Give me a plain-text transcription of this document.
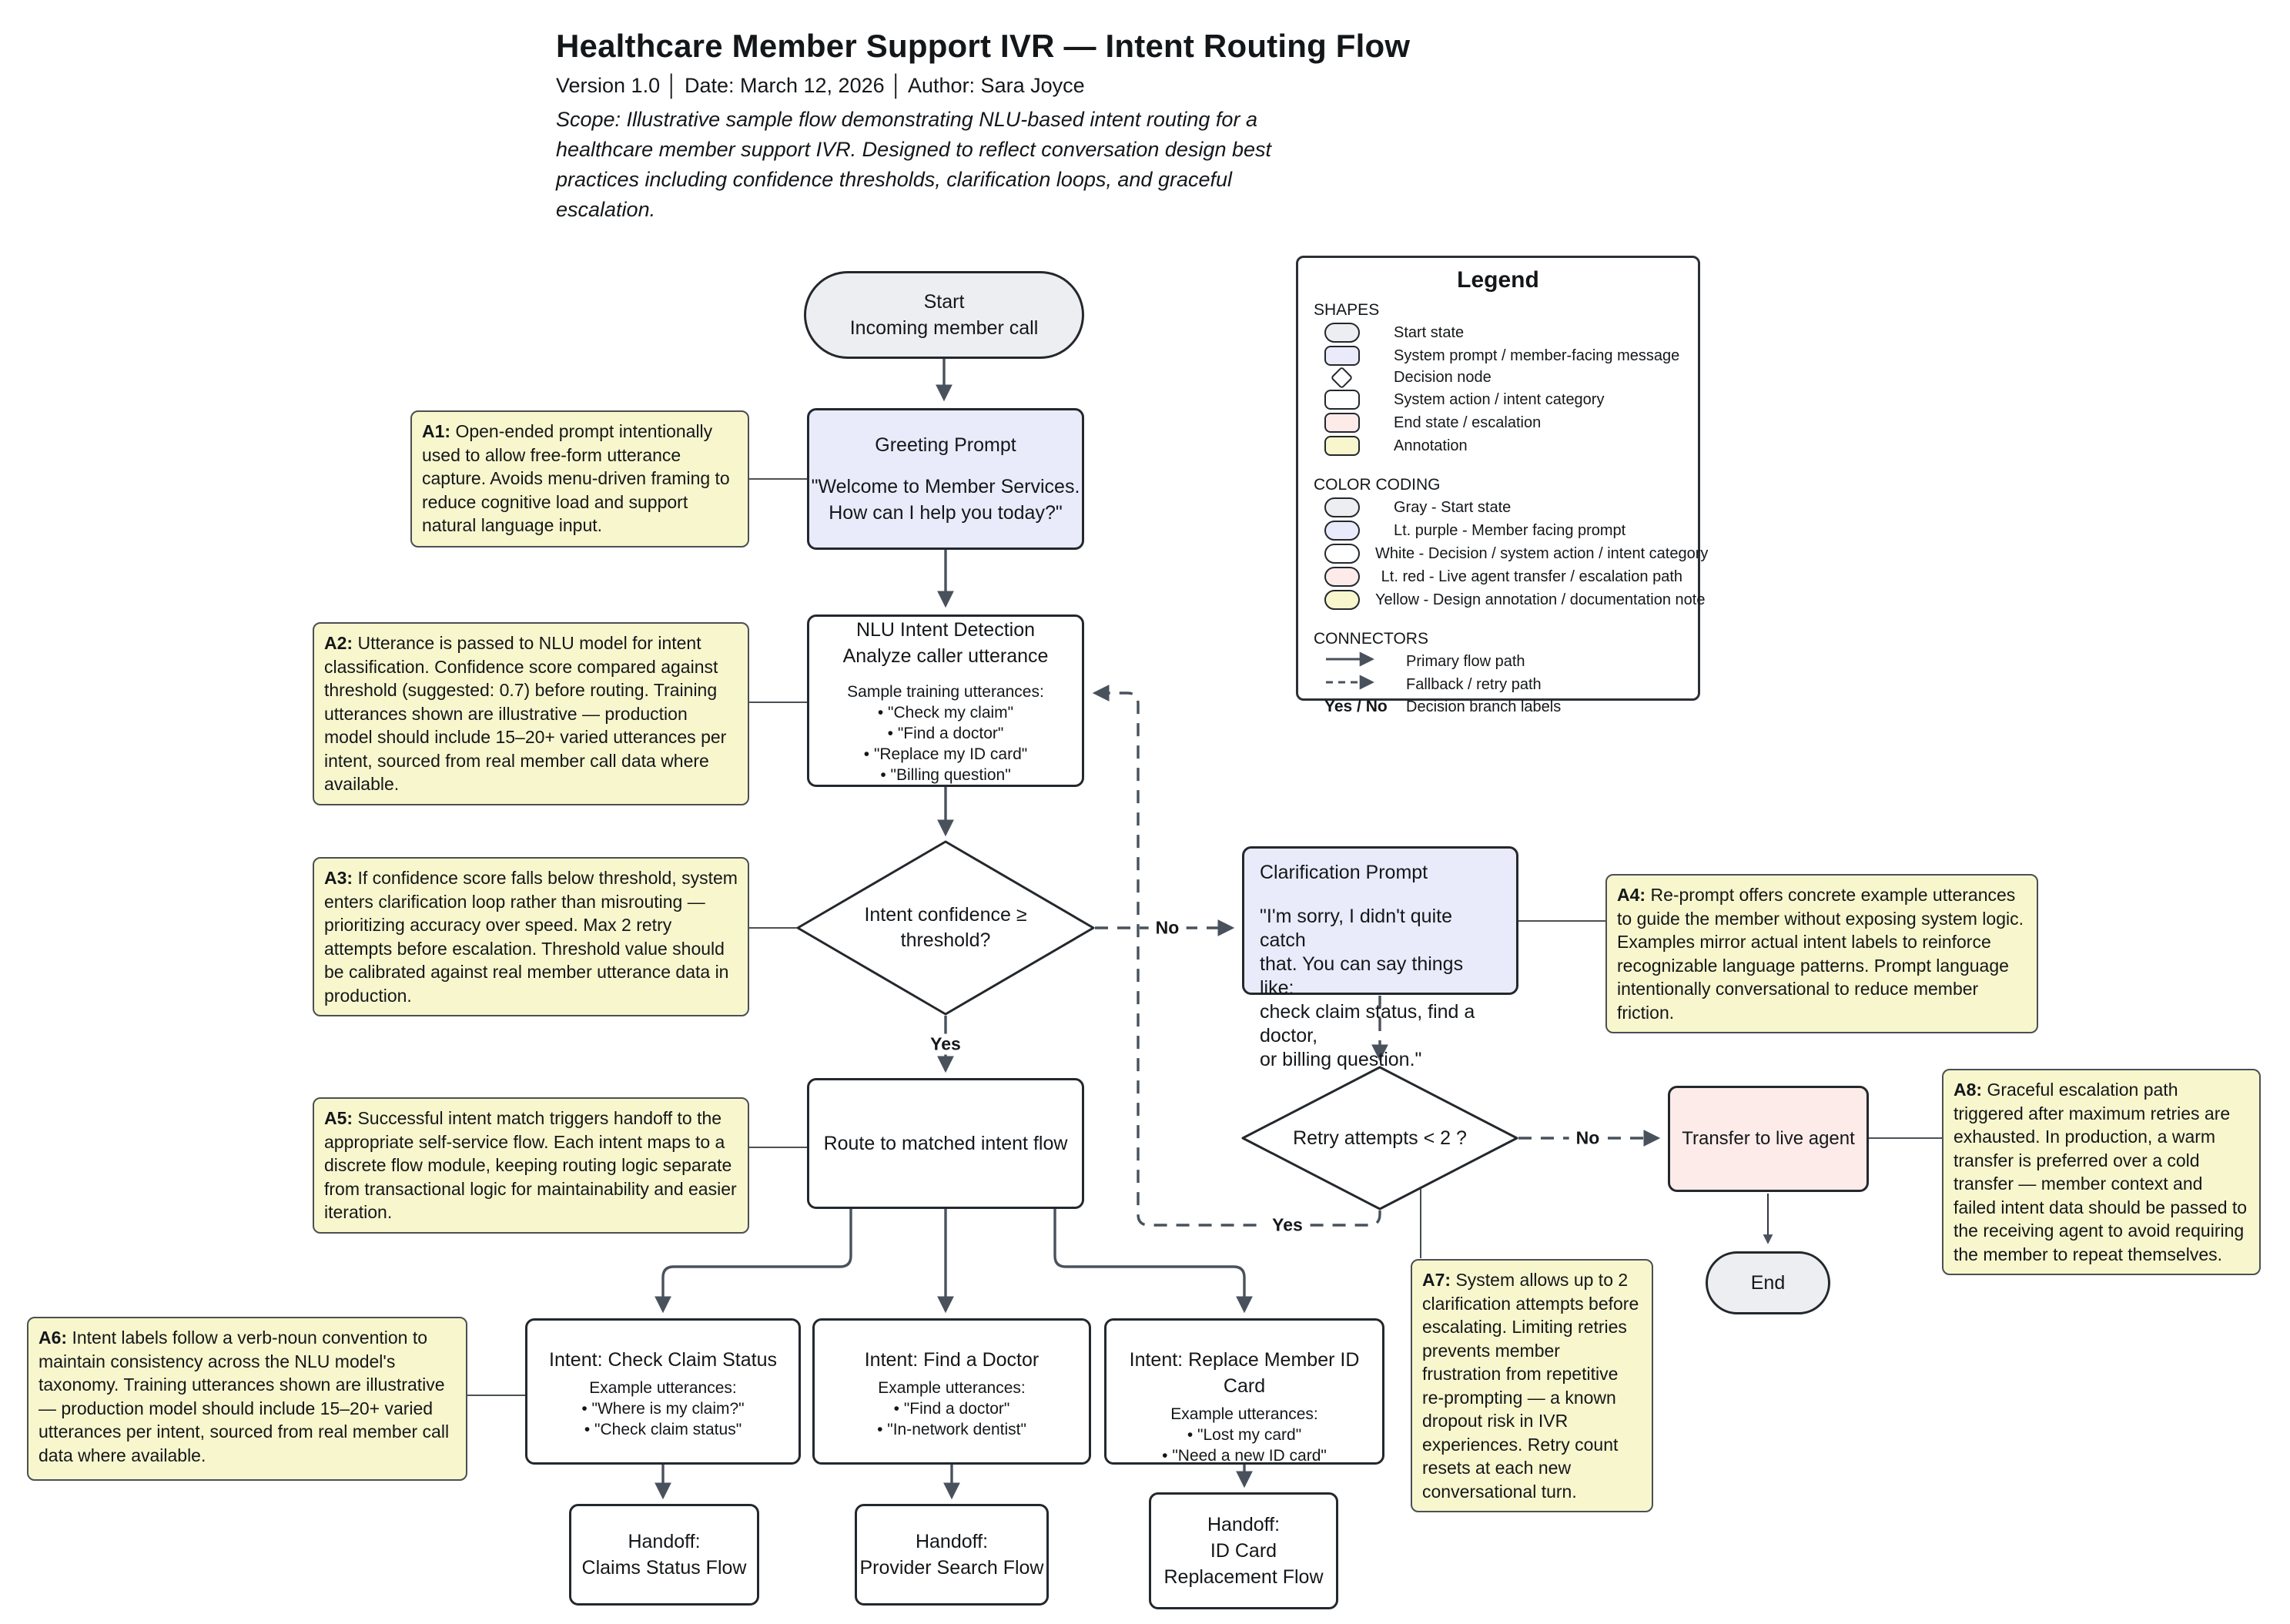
Healthcare Member Support IVR — Intent Routing Flow
Version 1.0 │ Date: March 12, 2026 │ Author: Sara Joyce
Scope: Illustrative sample flow demonstrating NLU-based intent routing for a healthcare member support IVR. Designed to reflect conversation design best practices including confidence thresholds, clarification loops, and graceful escalation.
Legend
SHAPES
Start state
System prompt / member-facing message
Decision node
System action / intent category
End state / escalation
Annotation
COLOR CODING
Gray - Start state
Lt. purple - Member facing prompt
White - Decision / system action / intent category
Lt. red - Live agent transfer / escalation path
Yellow - Design annotation / documentation note
CONNECTORS
Primary flow path
Fallback / retry path
Yes / No Decision branch labels
Start
Incoming member call
Greeting Prompt
"Welcome to Member Services.
How can I help you today?"
NLU Intent Detection
Analyze caller utterance
Sample training utterances:
• "Check my claim"
• "Find a doctor"
• "Replace my ID card"
• "Billing question"
Intent confidence ≥
threshold?
Route to matched intent flow
Clarification Prompt
"I'm sorry, I didn't quite catch
that. You can say things like:
check claim status, find a doctor,
or billing question."
Retry attempts < 2 ?	Transfer to live agent
End
Intent: Check Claim Status
Example utterances:
• "Where is my claim?"
• "Check claim status"
Intent: Find a Doctor
Example utterances:
• "Find a doctor"
• "In-network dentist"
Intent: Replace Member ID Card
Example utterances:
• "Lost my card"
• "Need a new ID card"
Handoff:
Claims Status Flow
Handoff:
Provider Search Flow
Handoff:
ID Card
Replacement Flow
Yes
No
No
Yes
A1: Open-ended prompt intentionally used to allow free-form utterance capture. Avoids menu-driven framing to reduce cognitive load and support natural language input.
A2: Utterance is passed to NLU model for intent classification. Confidence score compared against threshold (suggested: 0.7) before routing. Training utterances shown are illustrative — production model should include 15–20+ varied utterances per intent, sourced from real member call data where available.
A3: If confidence score falls below threshold, system enters clarification loop rather than misrouting — prioritizing accuracy over speed. Max 2 retry attempts before escalation. Threshold value should be calibrated against real member utterance data in production.
A4: Re-prompt offers concrete example utterances to guide the member without exposing system logic. Examples mirror actual intent labels to reinforce recognizable language patterns. Prompt language intentionally conversational to reduce member friction.
A5: Successful intent match triggers handoff to the appropriate self-service flow. Each intent maps to a discrete flow module, keeping routing logic separate from transactional logic for maintainability and easier iteration.
A6: Intent labels follow a verb-noun convention to maintain consistency across the NLU model's taxonomy. Training utterances shown are illustrative — production model should include 15–20+ varied utterances per intent, sourced from real member call data where available.
A7: System allows up to 2 clarification attempts before escalating. Limiting retries prevents member frustration from repetitive re-prompting — a known dropout risk in IVR experiences. Retry count resets at each new conversational turn.
A8: Graceful escalation path triggered after maximum retries are exhausted. In production, a warm transfer is preferred over a cold transfer — member context and failed intent data should be passed to the receiving agent to avoid requiring the member to repeat themselves.
